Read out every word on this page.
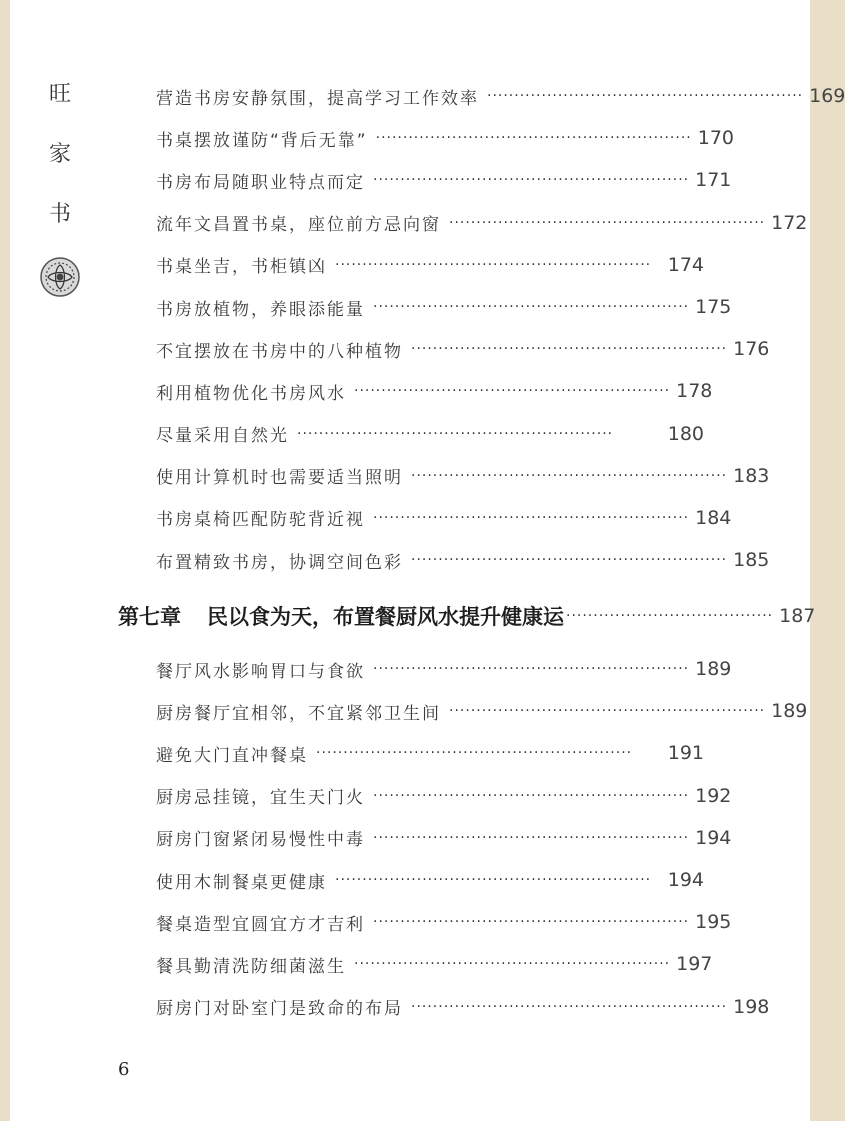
旺
家
书
营造书房安静氛围，提高学习工作效率 ·························································· 169
书桌摆放谨防“背后无靠” ·························································· 170
书房布局随职业特点而定 ·························································· 171
流年文昌置书桌，座位前方忌向窗 ·························································· 172
书桌坐吉，书柜镇凶 ·························································· 174
书房放植物，养眼添能量 ·························································· 175
不宜摆放在书房中的八种植物 ·························································· 176
利用植物优化书房风水 ·························································· 178
尽量采用自然光 ··························································	180
使用计算机时也需要适当照明 ·························································· 183
书房桌椅匹配防驼背近视 ·························································· 184
布置精致书房，协调空间色彩 ·························································· 185
第七章 民以食为天，布置餐厨风水提升健康运 ······································ 187
餐厅风水影响胃口与食欲 ·························································· 189
厨房餐厅宜相邻，不宜紧邻卫生间 ·························································· 189
避免大门直冲餐桌 ··························································	191
厨房忌挂镜，宜生天门火 ·························································· 192
厨房门窗紧闭易慢性中毒 ·························································· 194
使用木制餐桌更健康 ·························································· 194
餐桌造型宜圆宜方才吉利 ·························································· 195
餐具勤清洗防细菌滋生 ·························································· 197
厨房门对卧室门是致命的布局 ·························································· 198
6
